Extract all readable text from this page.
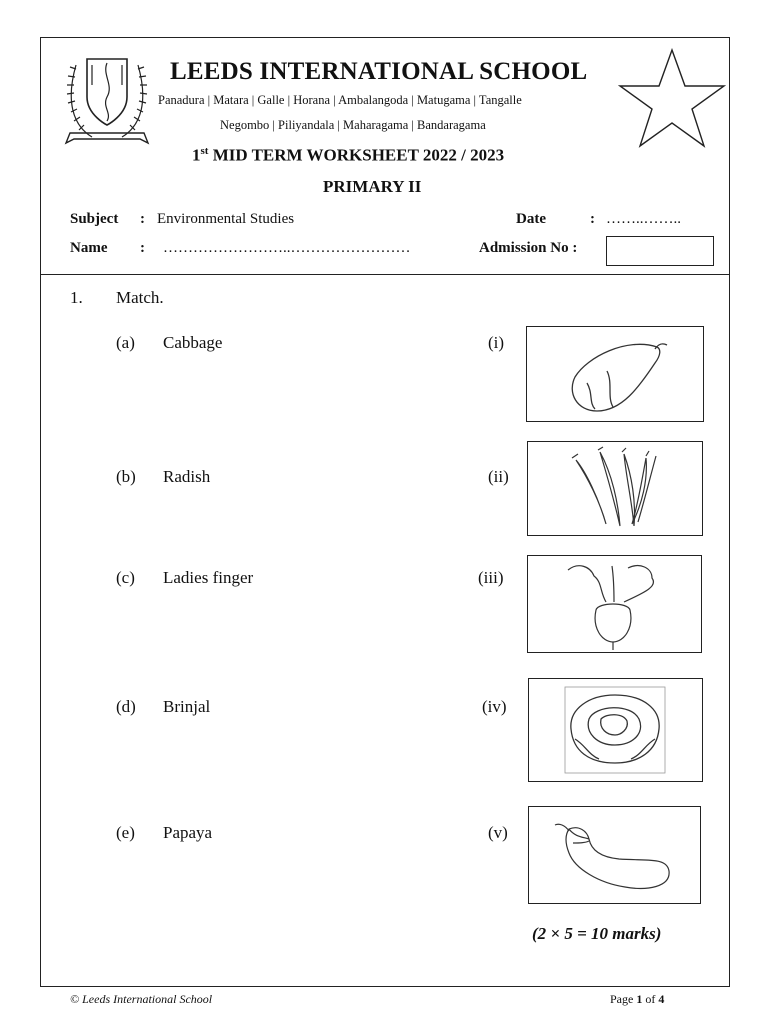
LEEDS INTERNATIONAL SCHOOL
Panadura | Matara | Galle | Horana | Ambalangoda | Matugama | Tangalle
Negombo | Piliyandala | Maharagama | Bandaragama
1st MID TERM WORKSHEET 2022 / 2023
PRIMARY II
Subject : Environmental Studies	Date	: ……..……..
Name : ……………………..……………………	Admission No :
1. Match.
(a) Cabbage	(i)
(b) Radish	(ii)
(c) Ladies finger	(iii)
(d) Brinjal	(iv)
(e) Papaya	(v)
(2 × 5 = 10 marks)
© Leeds International School	Page 1 of 4
